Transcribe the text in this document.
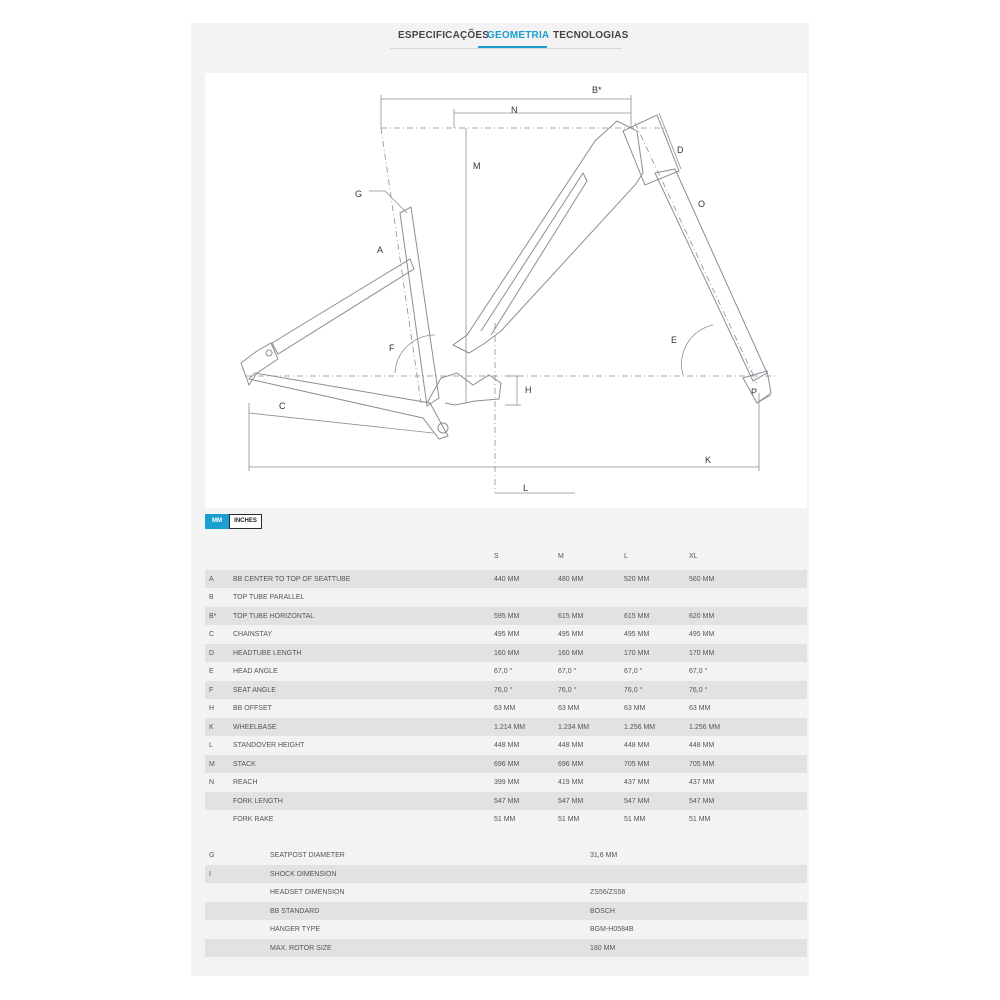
ESPECIFICAÇÕES
GEOMETRIA TECNOLOGIAS
B*
N
M
G
D
O
A
E
F
H	P
C
K
L
MM	INCHES
S	M	L	XL
A	BB CENTER TO TOP OF SEATTUBE	440 MM	480 MM	520 MM	560 MM
B	TOP TUBE PARALLEL
B* TOP TUBE HORIZONTAL	595 MM	615 MM	615 MM	620 MM
C	CHAINSTAY	495 MM	495 MM	495 MM	495 MM
D	HEADTUBE LENGTH	160 MM	160 MM	170 MM	170 MM
E	HEAD ANGLE	67,0 °	67,0 °	67,0 °	67,0 °
F	SEAT ANGLE	76,0 °	76,0 °	76,0 °	76,0 °
H	BB OFFSET	63 MM	63 MM	63 MM	63 MM
K	WHEELBASE	1.214 MM	1.234 MM	1.256 MM	1.256 MM
L	STANDOVER HEIGHT	448 MM	448 MM	448 MM	448 MM
M	STACK	696 MM	696 MM	705 MM	705 MM
N	REACH	399 MM	419 MM	437 MM	437 MM
FORK LENGTH	547 MM	547 MM	547 MM	547 MM
FORK RAKE	51 MM	51 MM	51 MM	51 MM
G	SEATPOST DIAMETER	31,6 MM
I	SHOCK DIMENSION
HEADSET DIMENSION	ZS56/ZS56
BB STANDARD	BOSCH
HANGER TYPE	BGM-H0584B
MAX. ROTOR SIZE	180 MM
